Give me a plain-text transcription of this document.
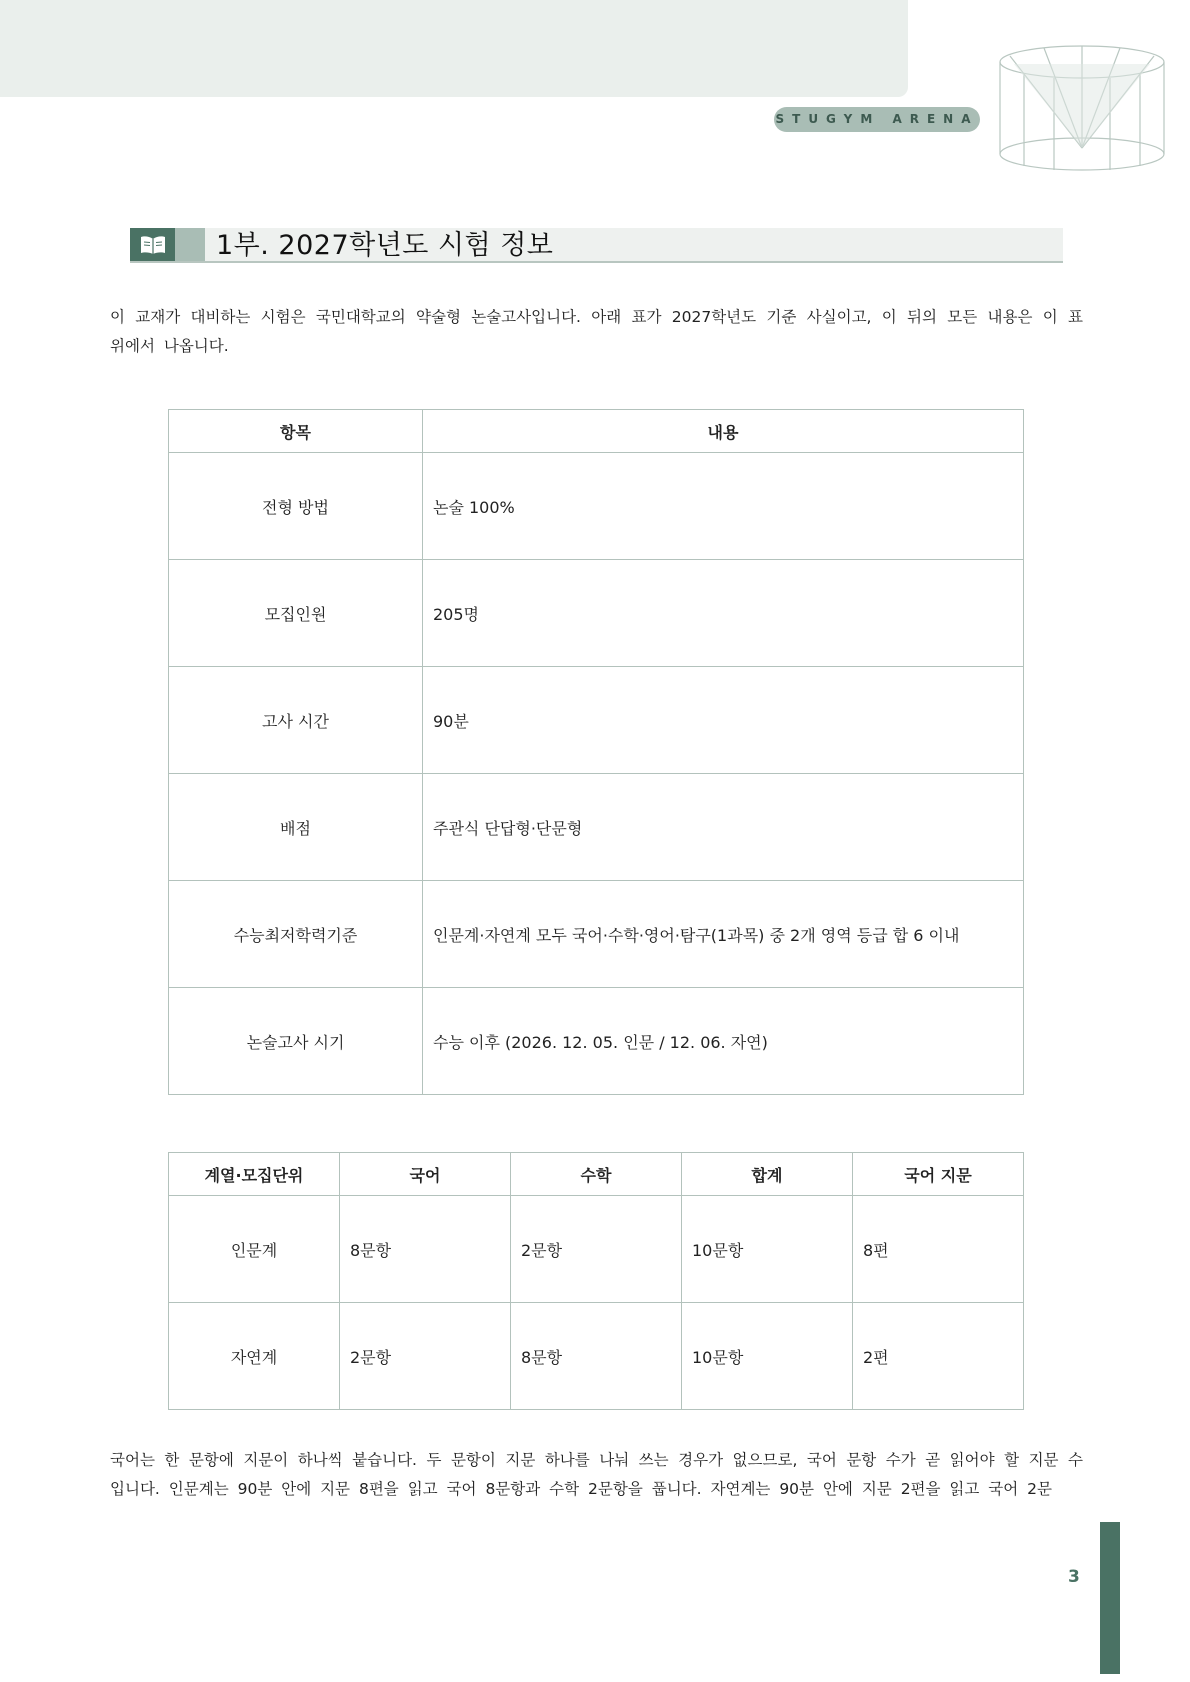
STUGYM ARENA
1부. 2027학년도 시험 정보
이 교재가 대비하는 시험은 국민대학교의 약술형 논술고사입니다. 아래 표가 2027학년도 기준 사실이고, 이 뒤의 모든 내용은 이 표 위에서 나옵니다.
항목	내용
전형 방법	논술 100%
모집인원	205명
고사 시간	90분
배점	주관식 단답형·단문형
수능최저학력기준	인문계·자연계 모두 국어·수학·영어·탐구(1과목) 중 2개 영역 등급 합 6 이내
논술고사 시기	수능 이후 (2026. 12. 05. 인문 / 12. 06. 자연)
계열·모집단위	국어	수학	합계	국어 지문
인문계	8문항	2문항	10문항	8편
자연계	2문항	8문항	10문항	2편
국어는 한 문항에 지문이 하나씩 붙습니다. 두 문항이 지문 하나를 나눠 쓰는 경우가 없으므로, 국어 문항 수가 곧 읽어야 할 지문 수입니다. 인문계는 90분 안에 지문 8편을 읽고 국어 8문항과 수학 2문항을 풉니다. 자연계는 90분 안에 지문 2편을 읽고 국어 2문
3
